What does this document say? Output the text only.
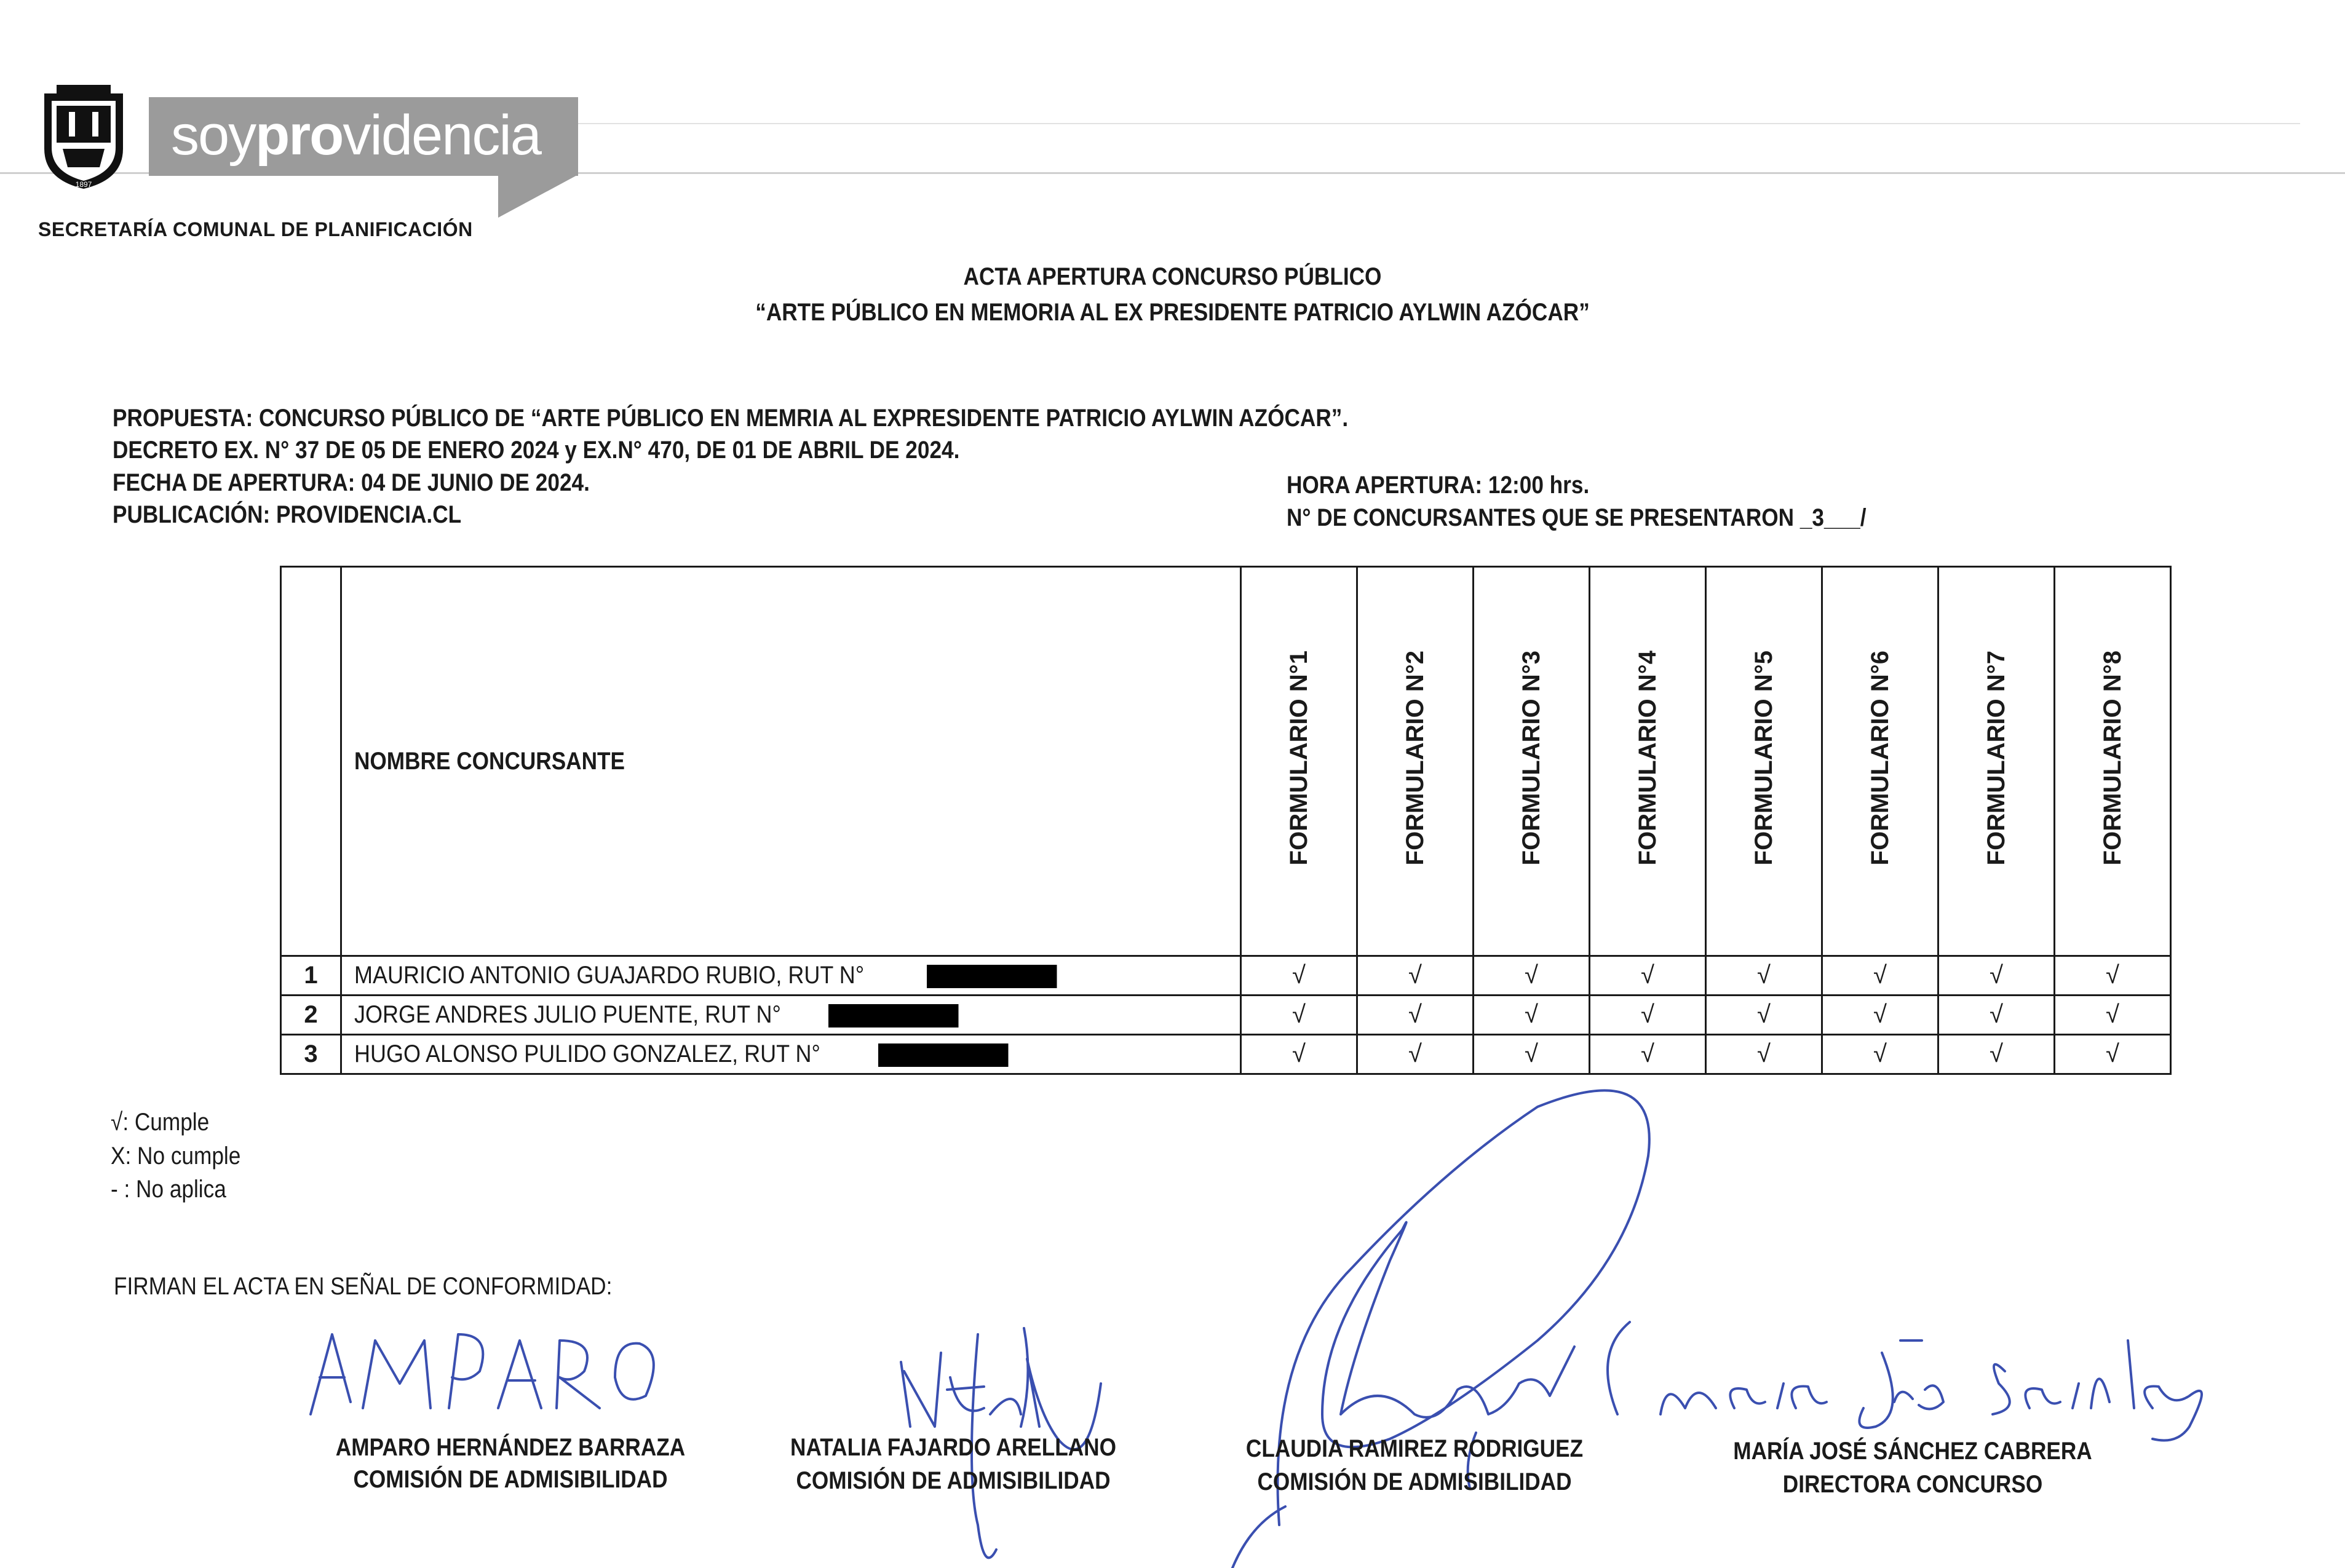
1897
soyprovidencia
SECRETARÍA COMUNAL DE PLANIFICACIÓN
ACTA APERTURA CONCURSO PÚBLICO
“ARTE PÚBLICO EN MEMORIA AL EX PRESIDENTE PATRICIO AYLWIN AZÓCAR”
PROPUESTA: CONCURSO PÚBLICO DE “ARTE PÚBLICO EN MEMRIA AL EXPRESIDENTE PATRICIO AYLWIN AZÓCAR”.
DECRETO EX. N° 37 DE 05 DE ENERO 2024 y EX.N° 470, DE 01 DE ABRIL DE 2024.
FECHA DE APERTURA: 04 DE JUNIO DE 2024.
PUBLICACIÓN: PROVIDENCIA.CL
HORA APERTURA: 12:00 hrs.
N° DE CONCURSANTES QUE SE PRESENTARON _3___/
	NOMBRE CONCURSANTE	FORMULARIO N°1	FORMULARIO N°2	FORMULARIO N°3	FORMULARIO N°4	FORMULARIO N°5	FORMULARIO N°6	FORMULARIO N°7	FORMULARIO N°8
1	MAURICIO ANTONIO GUAJARDO RUBIO, RUT N°	√	√	√	√	√	√	√	√
2	JORGE ANDRES JULIO PUENTE, RUT N°	√	√	√	√	√	√	√	√
3	HUGO ALONSO PULIDO GONZALEZ, RUT N°	√	√	√	√	√	√	√	√
√: Cumple
X: No cumple
- : No aplica
FIRMAN EL ACTA EN SEÑAL DE CONFORMIDAD:
AMPARO HERNÁNDEZ BARRAZA
COMISIÓN DE ADMISIBILIDAD
NATALIA FAJARDO ARELLANO
COMISIÓN DE ADMISIBILIDAD
CLAUDIA RAMIREZ RODRIGUEZ
COMISIÓN DE ADMISIBILIDAD
MARÍA JOSÉ SÁNCHEZ CABRERA
DIRECTORA CONCURSO
